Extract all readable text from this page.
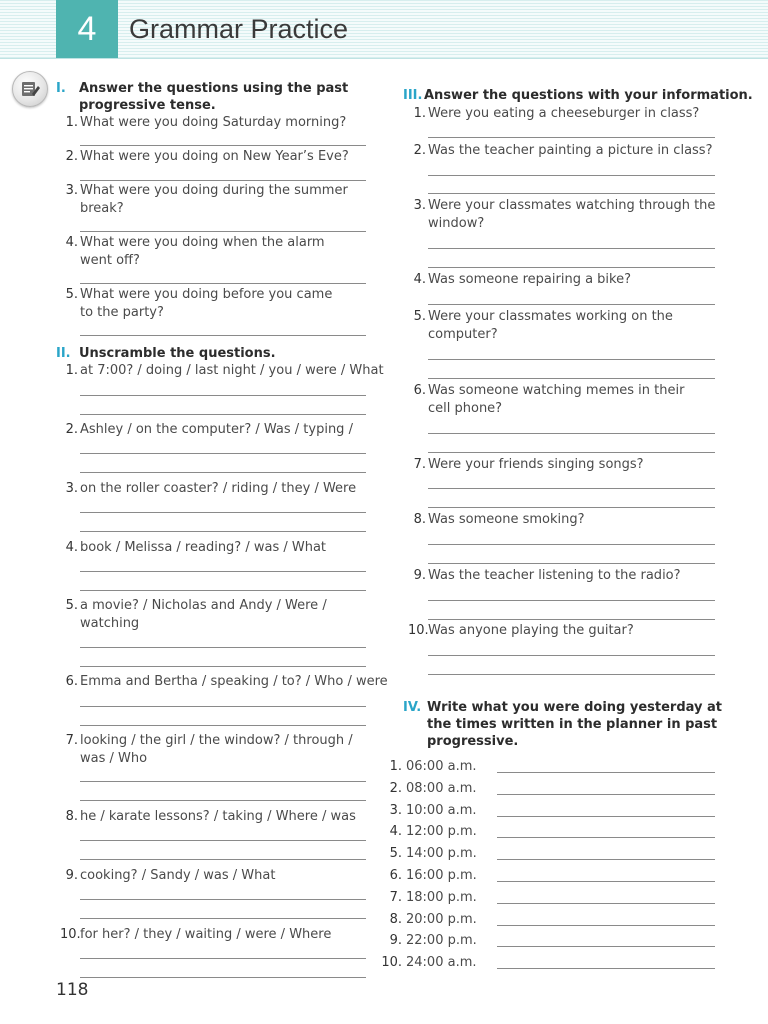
4 Grammar Practice
I. Answer the questions using the past
progressive tense.
1. What were you doing Saturday morning?
2. What were you doing on New Year’s Eve?
3. What were you doing during the summer
break?
4. What were you doing when the alarm
went off?
5. What were you doing before you came
to the party?
II. Unscramble the questions.
1. at 7:00? / doing / last night / you / were / What
2. Ashley / on the computer? / Was / typing /
3. on the roller coaster? / riding / they / Were
4. book / Melissa / reading? / was / What
5. a movie? / Nicholas and Andy / Were /
watching
6. Emma and Bertha / speaking / to? / Who / were
7. looking / the girl / the window? / through /
was / Who
8. he / karate lessons? / taking / Where / was
9. cooking? / Sandy / was / What
10. for her? / they / waiting / were / Where
III. Answer the questions with your information.
1. Were you eating a cheeseburger in class?
2. Was the teacher painting a picture in class?
3. Were your classmates watching through the
window?
4. Was someone repairing a bike?
5. Were your classmates working on the
computer?
6. Was someone watching memes in their
cell phone?
7. Were your friends singing songs?
8. Was someone smoking?
9. Was the teacher listening to the radio?
10. Was anyone playing the guitar?
IV. Write what you were doing yesterday at
the times written in the planner in past
progressive.
1. 06:00 a.m.
2. 08:00 a.m.
3. 10:00 a.m.
4. 12:00 p.m.
5. 14:00 p.m.
6. 16:00 p.m.
7. 18:00 p.m.
8. 20:00 p.m.
9. 22:00 p.m.
10. 24:00 a.m.
118
